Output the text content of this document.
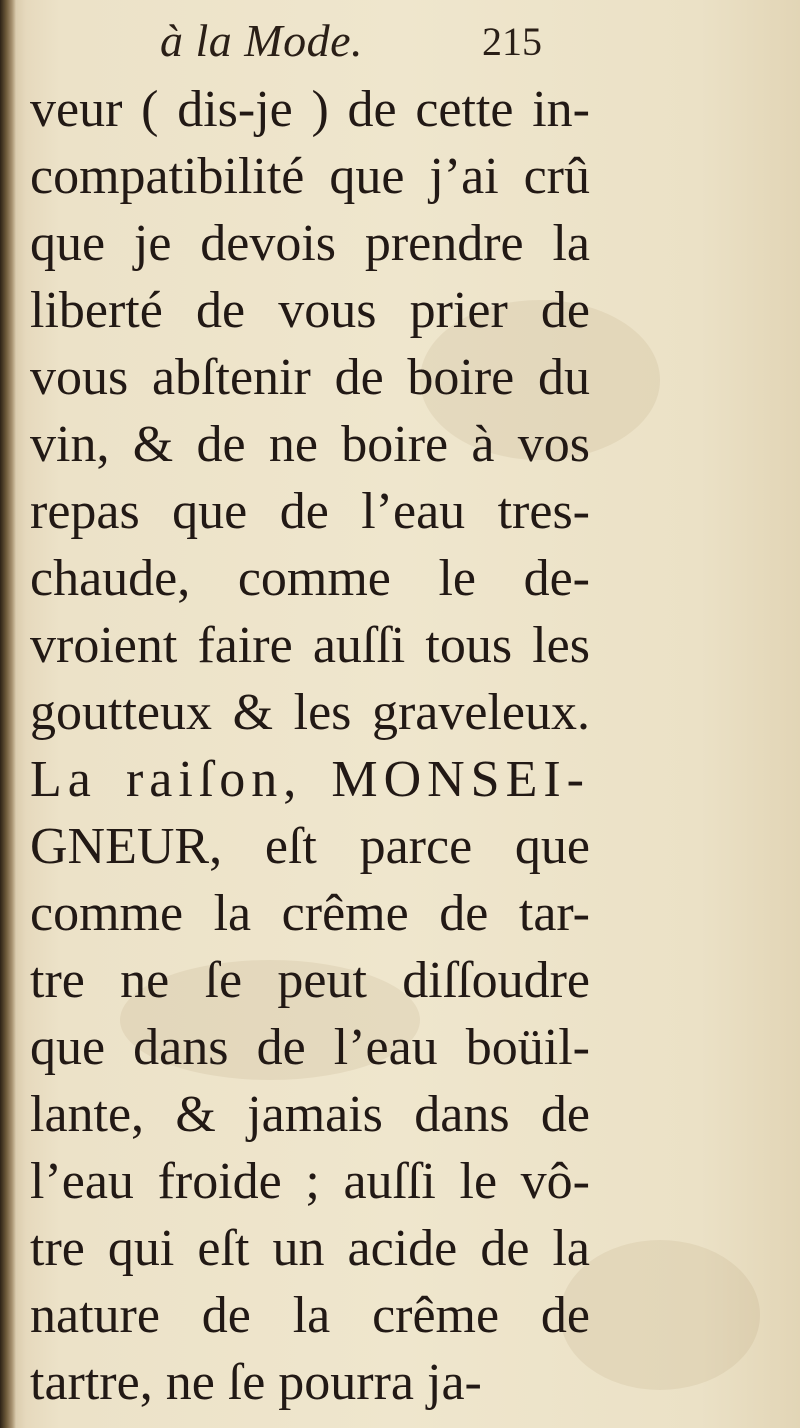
à la Mode.	215
veur ( dis-je ) de cette in-
compatibilité que j’ai crû
que je devois prendre la
liberté de vous prier de
vous abſtenir de boire du
vin, & de ne boire à vos
repas que de l’eau tres-
chaude, comme le de-
vroient faire auſſi tous les
goutteux & les graveleux.
La raiſon, MONSEI-
GNEUR, eſt parce que
comme la crême de tar-
tre ne ſe peut diſſoudre
que dans de l’eau boüil-
lante, & jamais dans de
l’eau froide ; auſſi le vô-
tre qui eſt un acide de la
nature de la crême de
tartre, ne ſe pourra ja-
